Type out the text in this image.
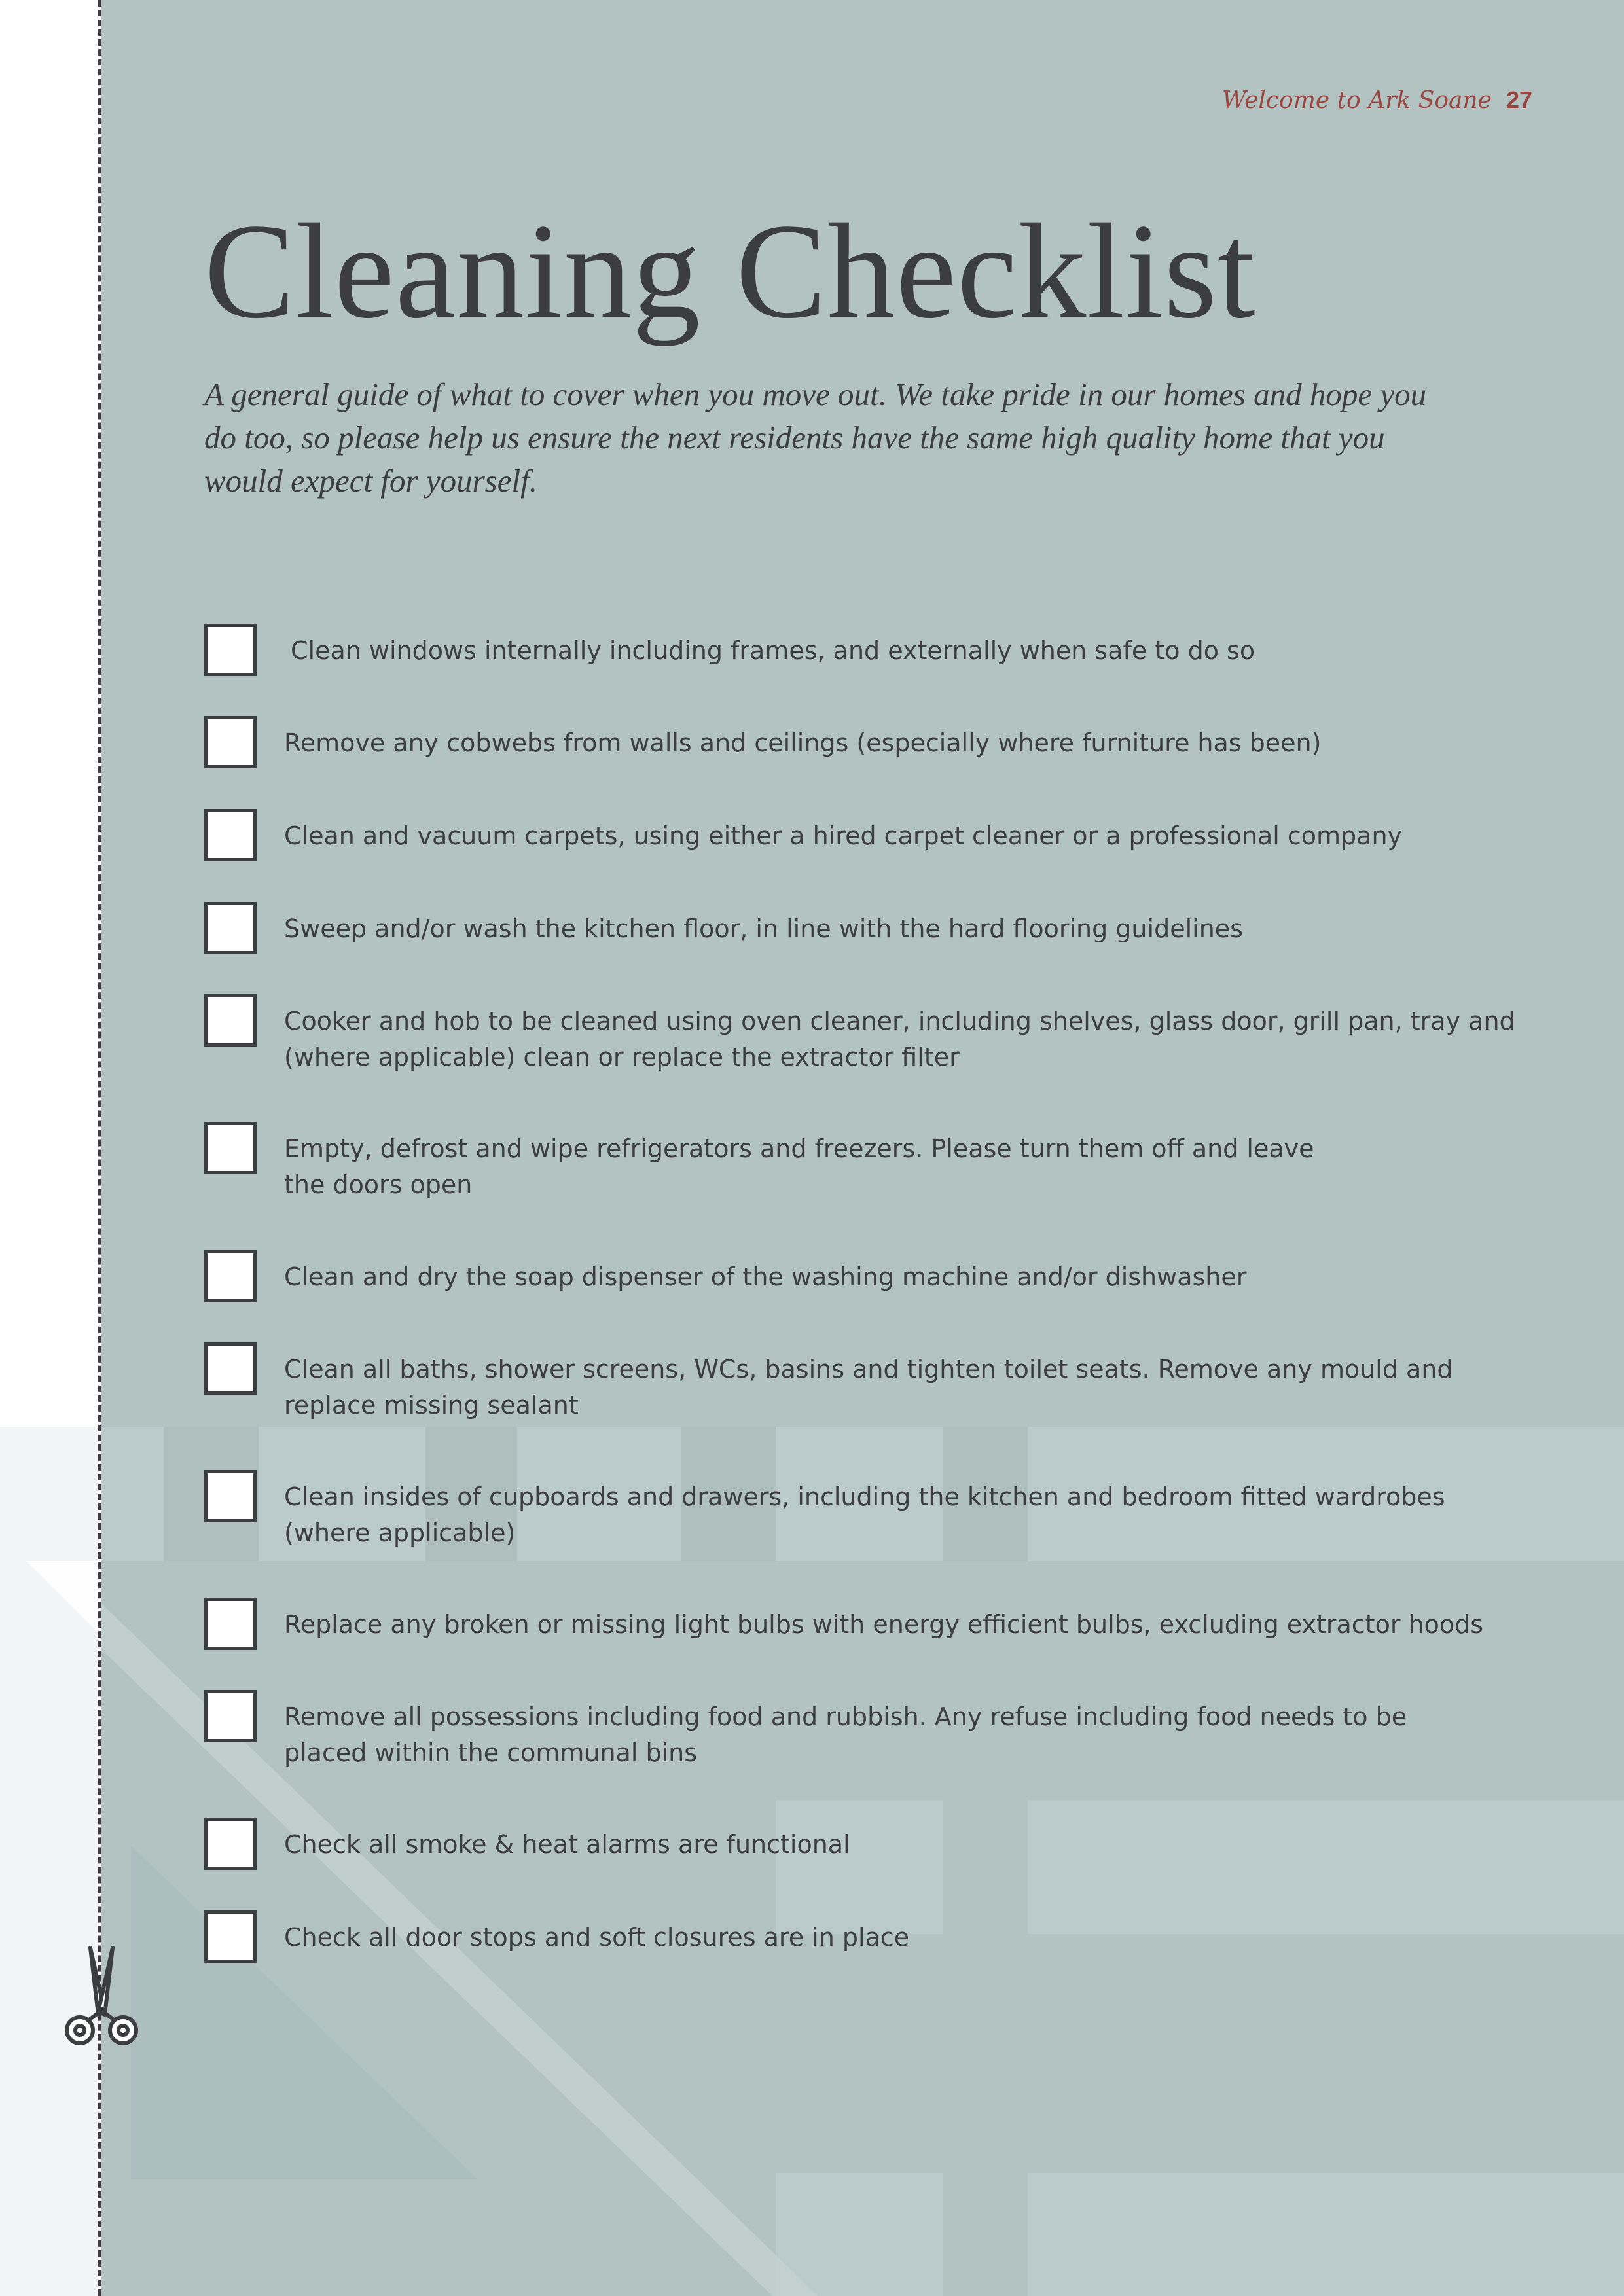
Welcome to Ark Soane 27
Cleaning Checklist

A general guide of what to cover when you move out. We take pride in our homes and hope you do too, so please help us ensure the next residents have the same high quality home that you would expect for yourself.

Clean windows internally including frames, and externally when safe to do so
Remove any cobwebs from walls and ceilings (especially where furniture has been)
Clean and vacuum carpets, using either a hired carpet cleaner or a professional company
Sweep and/or wash the kitchen floor, in line with the hard flooring guidelines
Cooker and hob to be cleaned using oven cleaner, including shelves, glass door, grill pan, tray and (where applicable) clean or replace the extractor filter
Empty, defrost and wipe refrigerators and freezers. Please turn them off and leave the doors open
Clean and dry the soap dispenser of the washing machine and/or dishwasher
Clean all baths, shower screens, WCs, basins and tighten toilet seats. Remove any mould and replace missing sealant
Clean insides of cupboards and drawers, including the kitchen and bedroom fitted wardrobes (where applicable)
Replace any broken or missing light bulbs with energy efficient bulbs, excluding extractor hoods
Remove all possessions including food and rubbish. Any refuse including food needs to be placed within the communal bins
Check all smoke & heat alarms are functional
Check all door stops and soft closures are in place
